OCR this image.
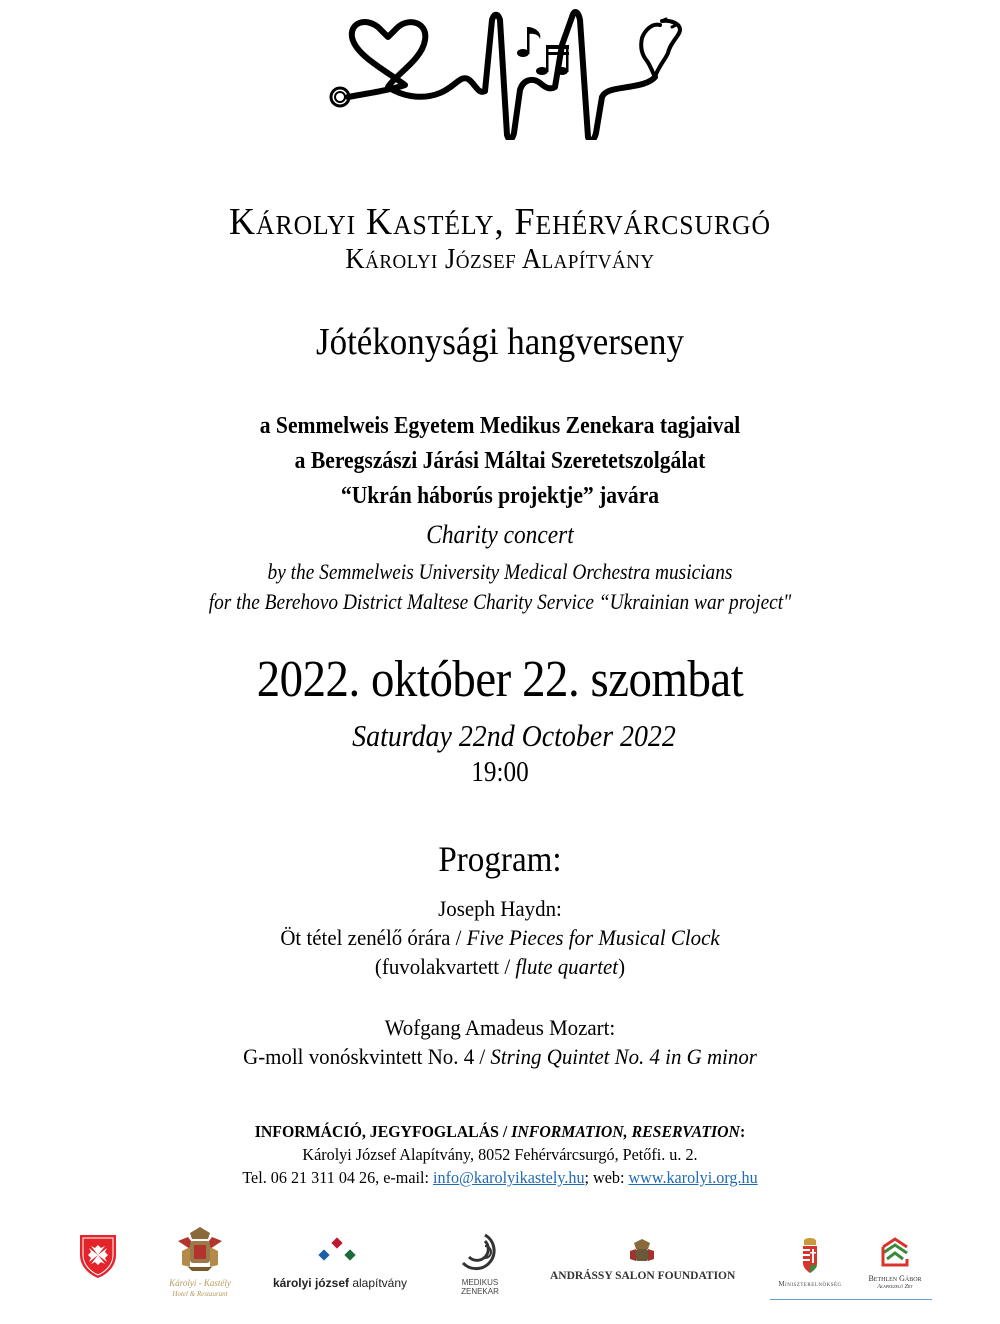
Károlyi Kastély, Fehérvárcsurgó
Károlyi József Alapítvány
Jótékonysági hangverseny
a Semmelweis Egyetem Medikus Zenekara tagjaival
a Beregszászi Járási Máltai Szeretetszolgálat
“Ukrán háborús projektje” javára
Charity concert
by the Semmelweis University Medical Orchestra musicians
for the Berehovo District Maltese Charity Service “Ukrainian war project"
2022. október 22. szombat
Saturday 22nd October 2022
19:00
Program:
Joseph Haydn:
Öt tétel zenélő órára / Five Pieces for Musical Clock
(fuvolakvartett / flute quartet)
Wofgang Amadeus Mozart:
G-moll vonóskvintett No. 4 / String Quintet No. 4 in G minor
INFORMÁCIÓ, JEGYFOGLALÁS / INFORMATION, RESERVATION:
Károlyi József Alapítvány, 8052 Fehérvárcsurgó, Petőfi. u. 2.
Tel. 06 21 311 04 26, e-mail: info@karolyikastely.hu; web: www.karolyi.org.hu
Károlyi - Kastély
Hotel & Restaurant
károlyi józsef alapítvány	MEDIKUS
ZENEKAR
ANDRÁSSY SALON FOUNDATION
Miniszterelnökség
Bethlen Gábor
Alapkezelő Zrt
